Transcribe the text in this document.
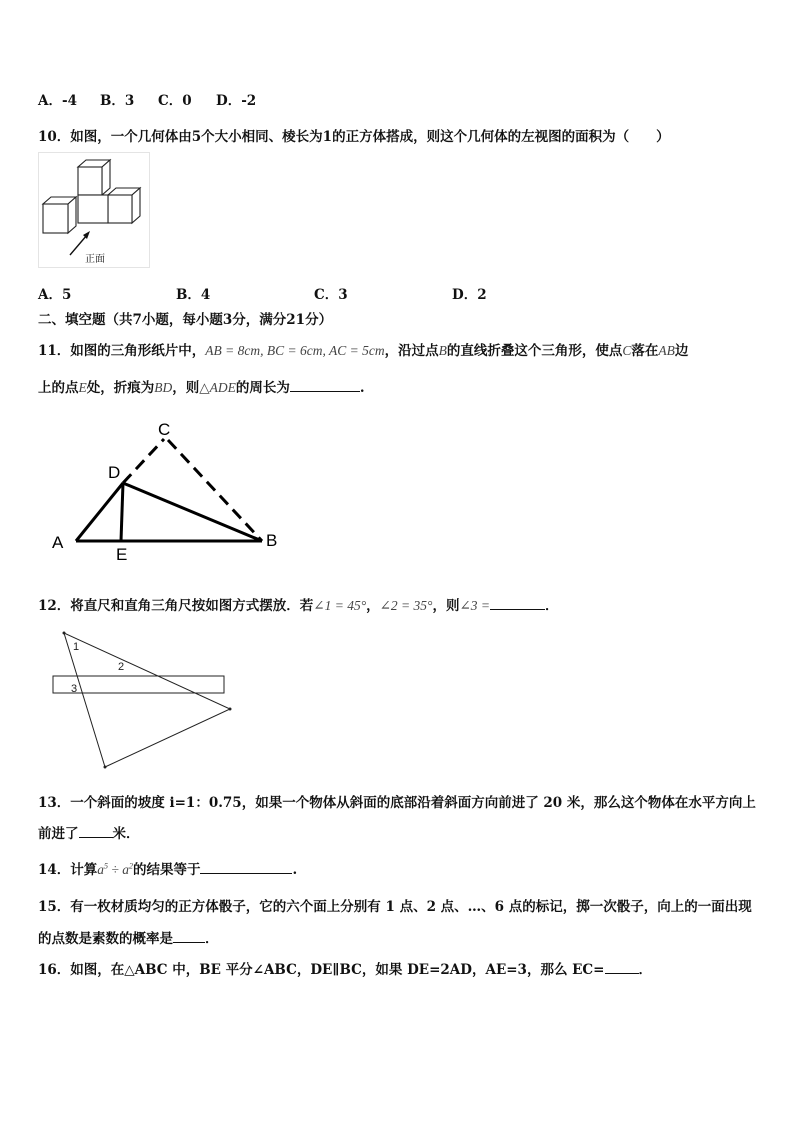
A．-4 B．3 C．0 D．-2
10．如图，一个几何体由5个大小相同、棱长为1的正方体搭成，则这个几何体的左视图的面积为（　　）
正面
A．5	B．4	C．3	D．2
二、填空题（共7小题，每小题3分，满分21分）
11．如图的三角形纸片中，AB = 8cm, BC = 6cm, AC = 5cm，沿过点B的直线折叠这个三角形，使点C落在AB边
上的点E处，折痕为BD，则△ADE的周长为	.
C
D
A	B
E
12．将直尺和直角三角尺按如图方式摆放．若∠1 = 45°，∠2 = 35°，则∠3 =	．
1
2
3
13．一个斜面的坡度 i=1：0.75，如果一个物体从斜面的底部沿着斜面方向前进了 20 米，那么这个物体在水平方向上
前进了	米．
14．计算$a^5 \div a^2$的结果等于	.
15．有一枚材质均匀的正方体骰子，它的六个面上分别有 1 点、2 点、…、6 点的标记，掷一次骰子，向上的一面出现
的点数是素数的概率是 ．
16．如图，在△ABC 中，BE 平分∠ABC，DE∥BC，如果 DE=2AD，AE=3，那么 EC=	．
